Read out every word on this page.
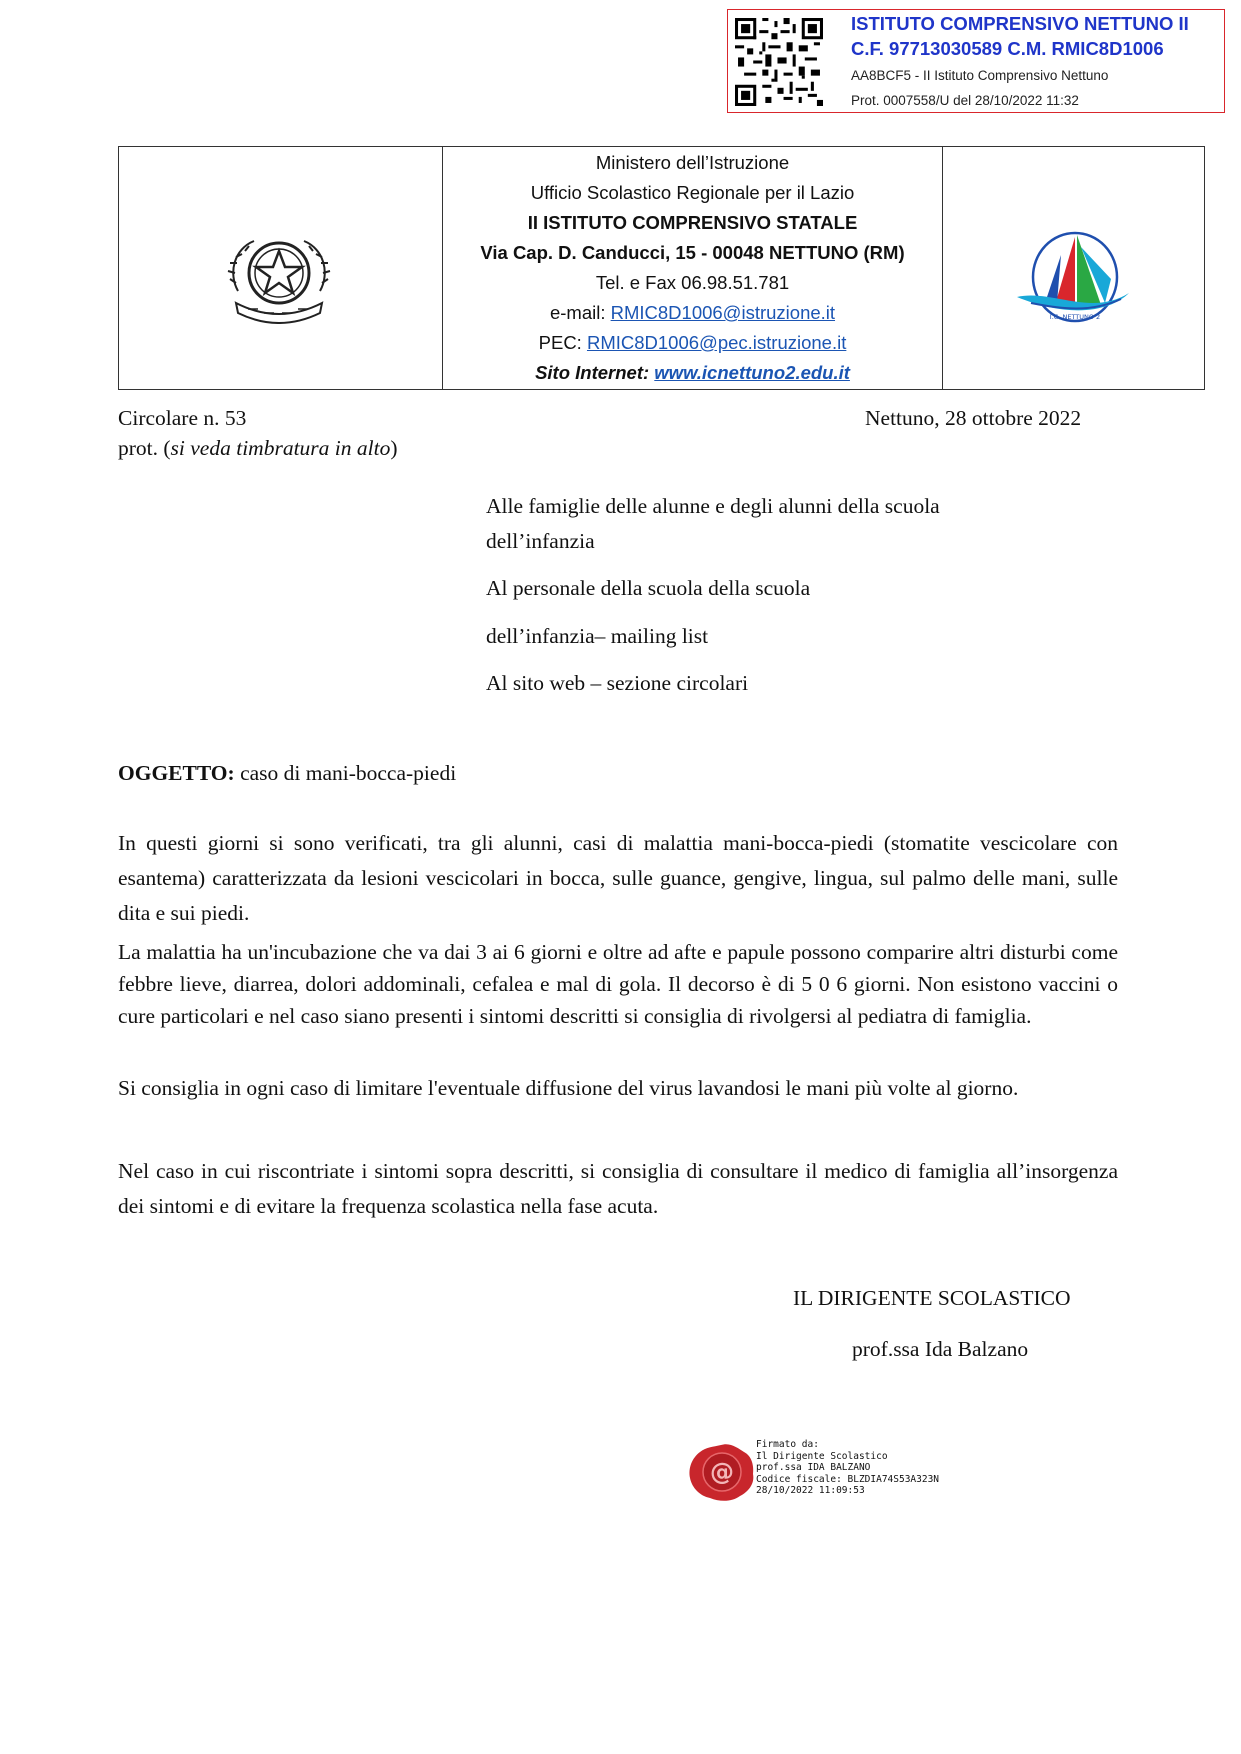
ISTITUTO COMPRENSIVO NETTUNO II
C.F. 97713030589 C.M. RMIC8D1006
AA8BCF5 - II Istituto Comprensivo Nettuno
Prot. 0007558/U del 28/10/2022 11:32
Ministero dell’Istruzione
Ufficio Scolastico Regionale per il Lazio
II ISTITUTO COMPRENSIVO STATALE
Via Cap. D. Canducci, 15 - 00048 NETTUNO (RM)
Tel. e Fax 06.98.51.781
e-mail: RMIC8D1006@istruzione.it
PEC: RMIC8D1006@pec.istruzione.it
Sito Internet: www.icnettuno2.edu.it
I.C. NETTUNO 2
Circolare n. 53
prot. (si veda timbratura in alto)
Nettuno, 28 ottobre 2022
Alle famiglie delle alunne e degli alunni della scuola
dell’infanzia
Al personale della scuola della scuola
dell’infanzia– mailing list
Al sito web – sezione circolari
OGGETTO: caso di mani-bocca-piedi
In questi giorni si sono verificati, tra gli alunni, casi di malattia mani-bocca-piedi (stomatite vescicolare con esantema) caratterizzata da lesioni vescicolari in bocca, sulle guance, gengive, lingua, sul palmo delle mani, sulle dita e sui piedi.
La malattia ha un'incubazione che va dai 3 ai 6 giorni e oltre ad afte e papule possono comparire altri disturbi come febbre lieve, diarrea, dolori addominali, cefalea e mal di gola. Il decorso è di 5 0 6 giorni. Non esistono vaccini o cure particolari e nel caso siano presenti i sintomi descritti si consiglia di rivolgersi al pediatra di famiglia.
Si consiglia in ogni caso di limitare l'eventuale diffusione del virus lavandosi le mani più volte al giorno.
Nel caso in cui riscontriate i sintomi sopra descritti, si consiglia di consultare il medico di famiglia all’insorgenza dei sintomi e di evitare la frequenza scolastica nella fase acuta.
IL DIRIGENTE SCOLASTICO
prof.ssa Ida Balzano
@
Firmato da:
Il Dirigente Scolastico
prof.ssa IDA BALZANO
Codice fiscale: BLZDIA74S53A323N
28/10/2022 11:09:53
